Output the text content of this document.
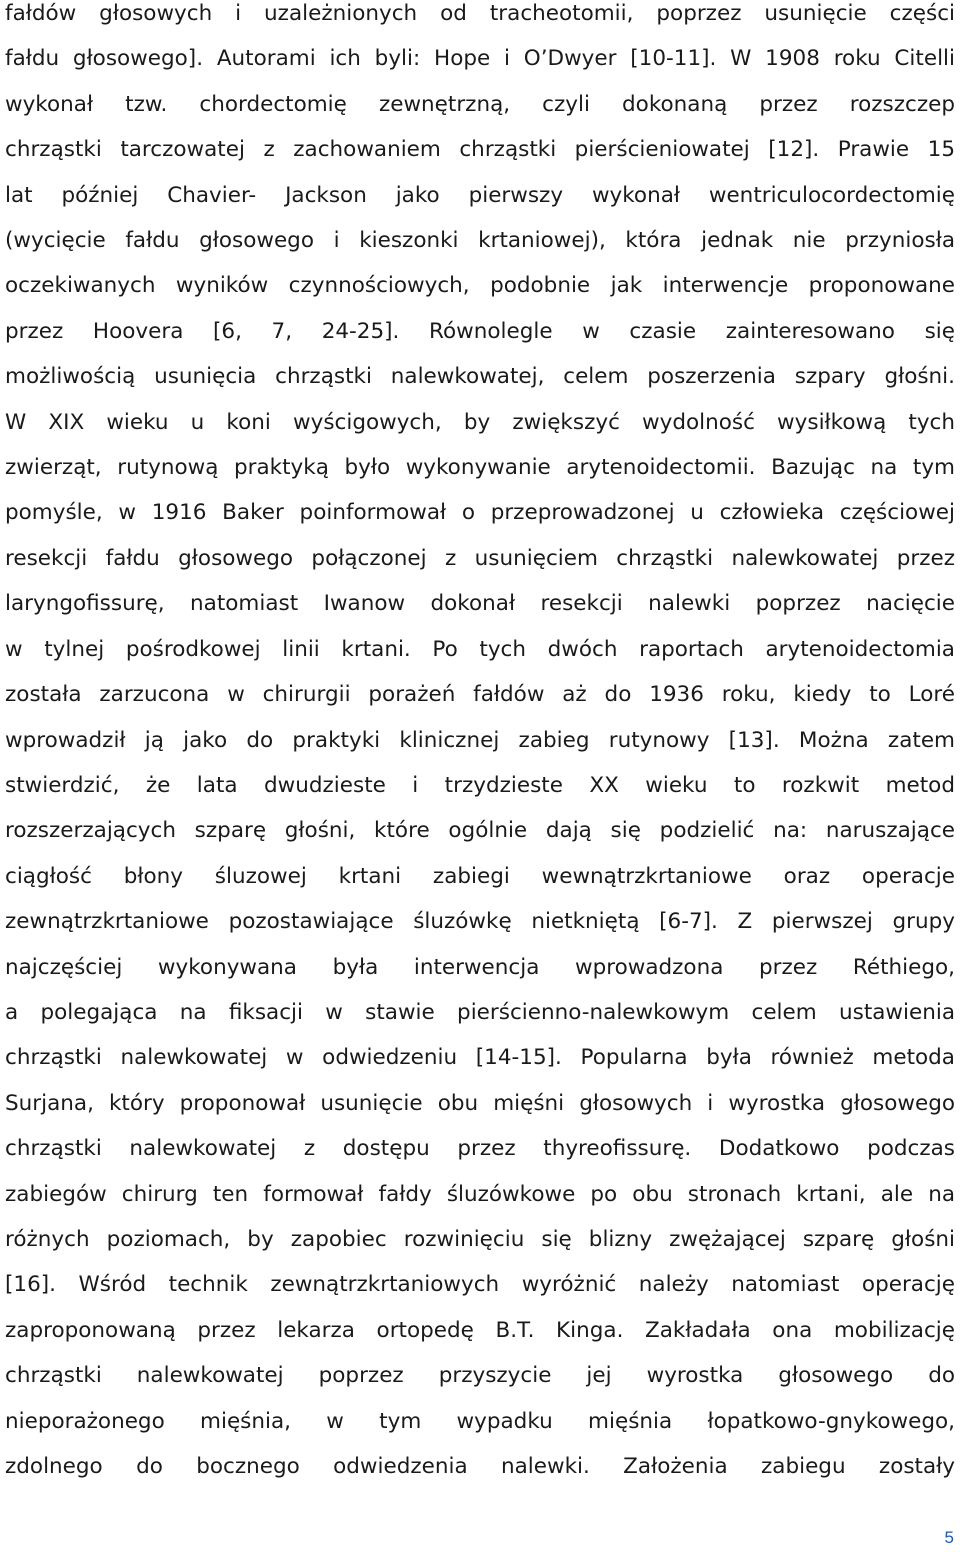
fałdów głosowych i uzależnionych od tracheotomii, poprzez usunięcie części
fałdu głosowego]. Autorami ich byli: Hope i O’Dwyer [10-11]. W 1908 roku Citelli
wykonał tzw. chordectomię zewnętrzną, czyli dokonaną przez rozszczep
chrząstki tarczowatej z zachowaniem chrząstki pierścieniowatej [12]. Prawie 15
lat później Chavier- Jackson jako pierwszy wykonał wentriculocordectomię
(wycięcie fałdu głosowego i kieszonki krtaniowej), która jednak nie przyniosła
oczekiwanych wyników czynnościowych, podobnie jak interwencje proponowane
przez Hoovera [6, 7, 24-25]. Równolegle w czasie zainteresowano się
możliwością usunięcia chrząstki nalewkowatej, celem poszerzenia szpary głośni.
W XIX wieku u koni wyścigowych, by zwiększyć wydolność wysiłkową tych
zwierząt, rutynową praktyką było wykonywanie arytenoidectomii. Bazując na tym
pomyśle, w 1916 Baker poinformował o przeprowadzonej u człowieka częściowej
resekcji fałdu głosowego połączonej z usunięciem chrząstki nalewkowatej przez
laryngofissurę, natomiast Iwanow dokonał resekcji nalewki poprzez nacięcie
w tylnej pośrodkowej linii krtani. Po tych dwóch raportach arytenoidectomia
została zarzucona w chirurgii porażeń fałdów aż do 1936 roku, kiedy to Loré
wprowadził ją jako do praktyki klinicznej zabieg rutynowy [13]. Można zatem
stwierdzić, że lata dwudzieste i trzydzieste XX wieku to rozkwit metod
rozszerzających szparę głośni, które ogólnie dają się podzielić na: naruszające
ciągłość błony śluzowej krtani zabiegi wewnątrzkrtaniowe oraz operacje
zewnątrzkrtaniowe pozostawiające śluzówkę nietkniętą [6-7]. Z pierwszej grupy
najczęściej wykonywana była interwencja wprowadzona przez Réthiego,
a polegająca na fiksacji w stawie pierścienno-nalewkowym celem ustawienia
chrząstki nalewkowatej w odwiedzeniu [14-15]. Popularna była również metoda
Surjana, który proponował usunięcie obu mięśni głosowych i wyrostka głosowego
chrząstki nalewkowatej z dostępu przez thyreofissurę. Dodatkowo podczas
zabiegów chirurg ten formował fałdy śluzówkowe po obu stronach krtani, ale na
różnych poziomach, by zapobiec rozwinięciu się blizny zwężającej szparę głośni
[16]. Wśród technik zewnątrzkrtaniowych wyróżnić należy natomiast operację
zaproponowaną przez lekarza ortopedę B.T. Kinga. Zakładała ona mobilizację
chrząstki nalewkowatej poprzez przyszycie jej wyrostka głosowego do
nieporażonego mięśnia, w tym wypadku mięśnia łopatkowo-gnykowego,
zdolnego do bocznego odwiedzenia nalewki. Założenia zabiegu zostały

5
